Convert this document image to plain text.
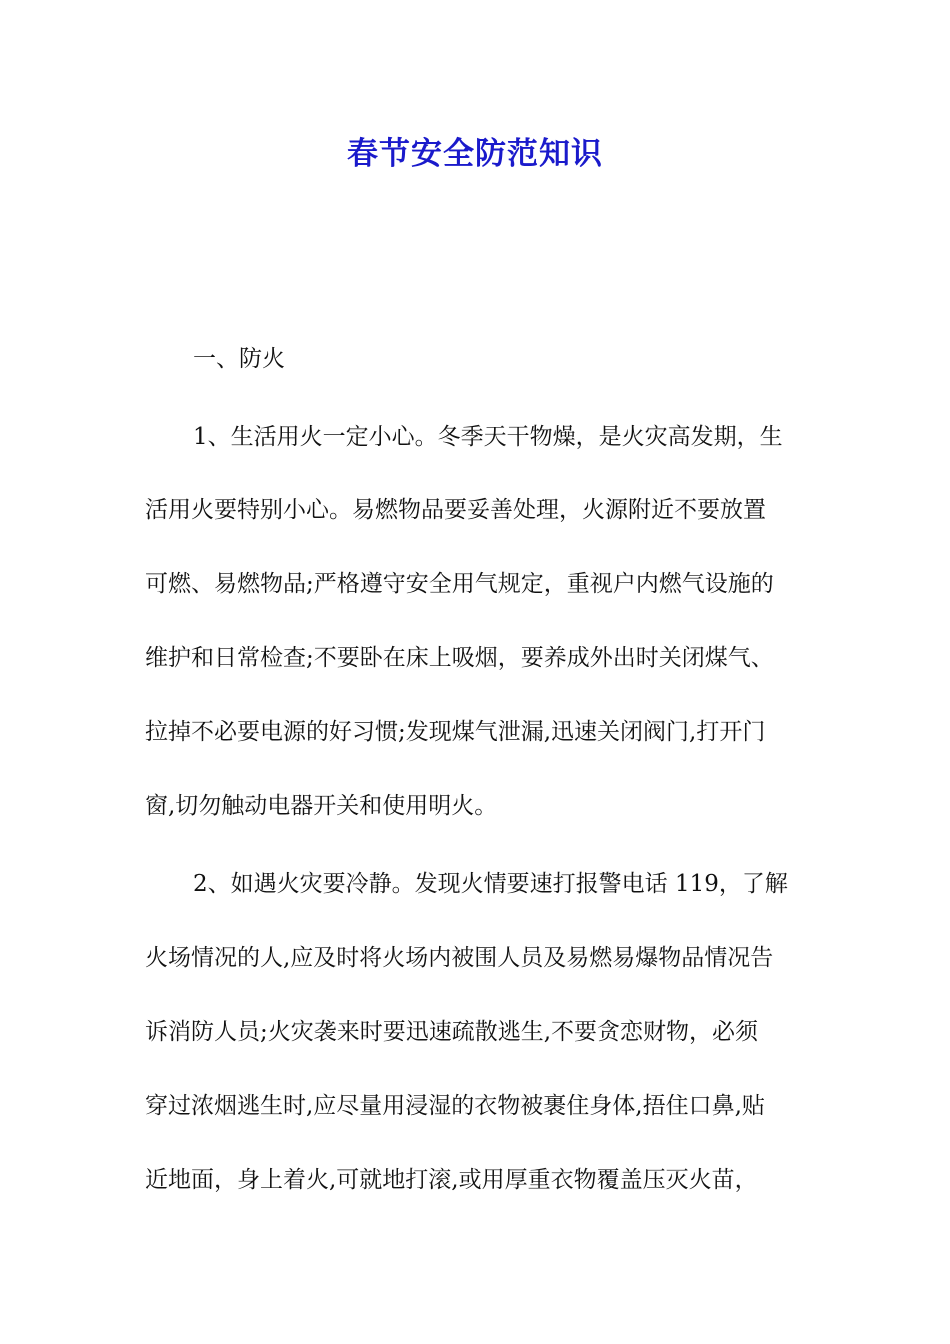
春节安全防范知识

一、防火

1、生活用火一定小心。冬季天干物燥，是火灾高发期，生

活用火要特别小心。易燃物品要妥善处理，火源附近不要放置

可燃、易燃物品;严格遵守安全用气规定，重视户内燃气设施的

维护和日常检查;不要卧在床上吸烟，要养成外出时关闭煤气、

拉掉不必要电源的好习惯;发现煤气泄漏,迅速关闭阀门,打开门

窗,切勿触动电器开关和使用明火。

2、如遇火灾要冷静。发现火情要速打报警电话 119，了解

火场情况的人,应及时将火场内被围人员及易燃易爆物品情况告

诉消防人员;火灾袭来时要迅速疏散逃生,不要贪恋财物，必须

穿过浓烟逃生时,应尽量用浸湿的衣物被裹住身体,捂住口鼻,贴

近地面，身上着火,可就地打滚,或用厚重衣物覆盖压灭火苗，
